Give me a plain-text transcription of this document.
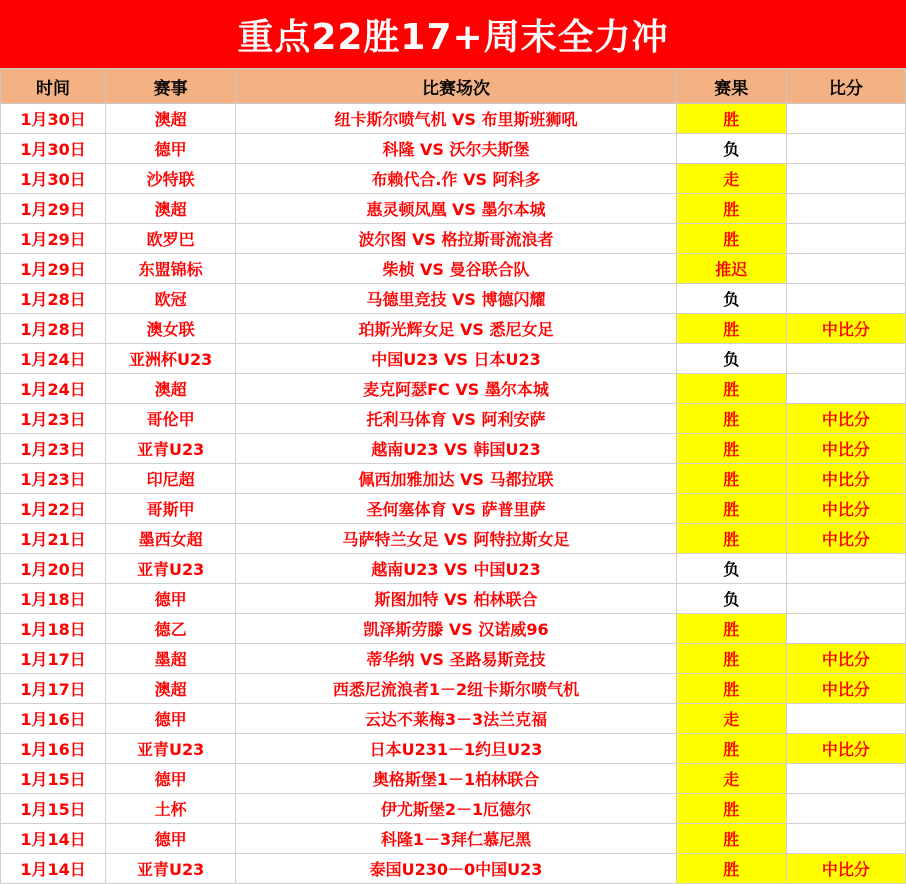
重点22胜17+周末全力冲
时间	赛事	比赛场次	赛果	比分
1月30日	澳超	纽卡斯尔喷气机 VS 布里斯班狮吼	胜	
1月30日	德甲	科隆 VS 沃尔夫斯堡	负	
1月30日	沙特联	布赖代合.作 VS 阿科多	走	
1月29日	澳超	惠灵顿凤凰 VS 墨尔本城	胜	
1月29日	欧罗巴	波尔图 VS 格拉斯哥流浪者	胜	
1月29日	东盟锦标	柴桢 VS 曼谷联合队	推迟	
1月28日	欧冠	马德里竞技 VS 博德闪耀	负	
1月28日	澳女联	珀斯光辉女足 VS 悉尼女足	胜	中比分
1月24日	亚洲杯U23	中国U23 VS 日本U23	负	
1月24日	澳超	麦克阿瑟FC VS 墨尔本城	胜	
1月23日	哥伦甲	托利马体育 VS 阿利安萨	胜	中比分
1月23日	亚青U23	越南U23 VS 韩国U23	胜	中比分
1月23日	印尼超	佩西加雅加达 VS 马都拉联	胜	中比分
1月22日	哥斯甲	圣何塞体育 VS 萨普里萨	胜	中比分
1月21日	墨西女超	马萨特兰女足 VS 阿特拉斯女足	胜	中比分
1月20日	亚青U23	越南U23 VS 中国U23	负	
1月18日	德甲	斯图加特 VS 柏林联合	负	
1月18日	德乙	凯泽斯劳滕 VS 汉诺威96	胜	
1月17日	墨超	蒂华纳 VS 圣路易斯竞技	胜	中比分
1月17日	澳超	西悉尼流浪者1－2纽卡斯尔喷气机	胜	中比分
1月16日	德甲	云达不莱梅3－3法兰克福	走	
1月16日	亚青U23	日本U231－1约旦U23	胜	中比分
1月15日	德甲	奥格斯堡1－1柏林联合	走	
1月15日	土杯	伊尤斯堡2－1厄德尔	胜	
1月14日	德甲	科隆1－3拜仁慕尼黑	胜	
1月14日	亚青U23	泰国U230－0中国U23	胜	中比分
